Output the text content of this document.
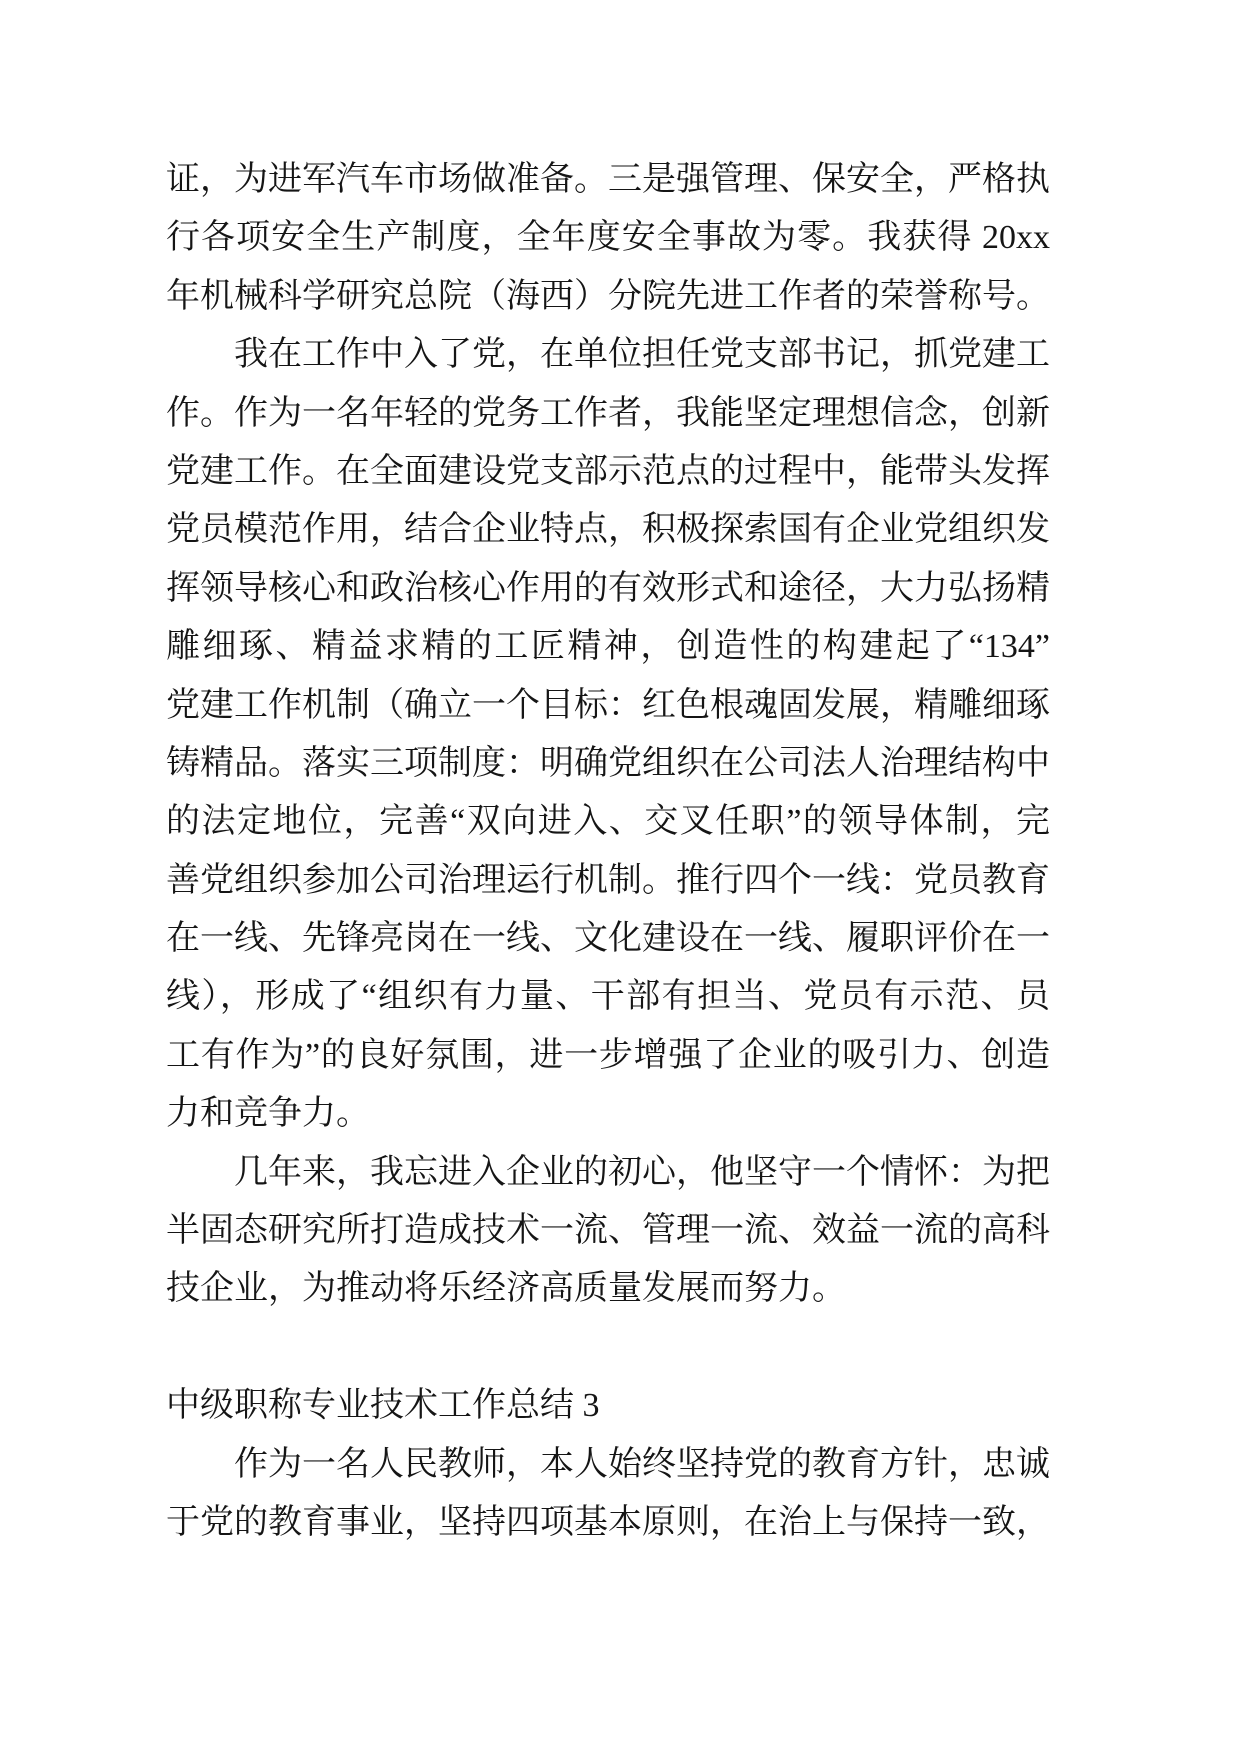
证，为进军汽车市场做准备。三是强管理、保安全，严格执
行各项安全生产制度，全年度安全事故为零。我获得 20xx
年机械科学研究总院（海西）分院先进工作者的荣誉称号。
我在工作中入了党，在单位担任党支部书记，抓党建工
作。作为一名年轻的党务工作者，我能坚定理想信念，创新
党建工作。在全面建设党支部示范点的过程中，能带头发挥
党员模范作用，结合企业特点，积极探索国有企业党组织发
挥领导核心和政治核心作用的有效形式和途径，大力弘扬精
雕细琢、精益求精的工匠精神，创造性的构建起了“134”
党建工作机制（确立一个目标：红色根魂固发展，精雕细琢
铸精品。落实三项制度：明确党组织在公司法人治理结构中
的法定地位，完善“双向进入、交叉任职”的领导体制，完
善党组织参加公司治理运行机制。推行四个一线：党员教育
在一线、先锋亮岗在一线、文化建设在一线、履职评价在一
线），形成了“组织有力量、干部有担当、党员有示范、员
工有作为”的良好氛围，进一步增强了企业的吸引力、创造
力和竞争力。
几年来，我忘进入企业的初心，他坚守一个情怀：为把
半固态研究所打造成技术一流、管理一流、效益一流的高科
技企业，为推动将乐经济高质量发展而努力。
中级职称专业技术工作总结 3
作为一名人民教师，本人始终坚持党的教育方针，忠诚
于党的教育事业，坚持四项基本原则，在治上与保持一致，
